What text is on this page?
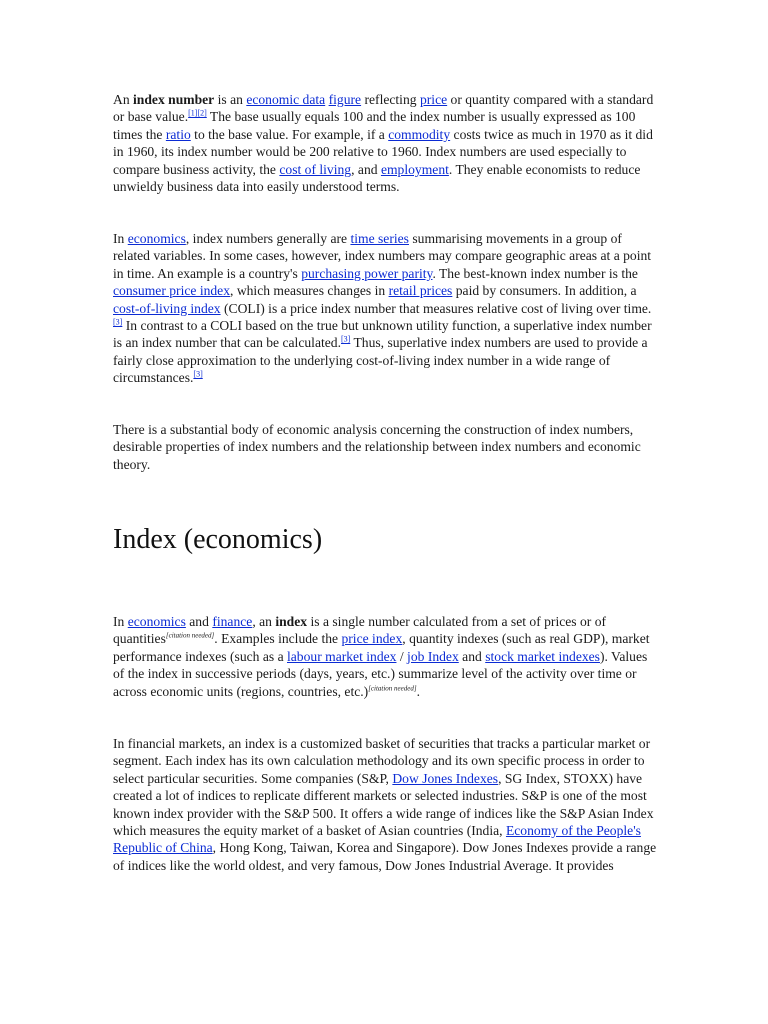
An index number is an economic data figure reflecting price or quantity compared with a standard or base value.[1][2] The base usually equals 100 and the index number is usually expressed as 100 times the ratio to the base value. For example, if a commodity costs twice as much in 1970 as it did in 1960, its index number would be 200 relative to 1960. Index numbers are used especially to compare business activity, the cost of living, and employment. They enable economists to reduce unwieldy business data into easily understood terms.

In economics, index numbers generally are time series summarising movements in a group of related variables. In some cases, however, index numbers may compare geographic areas at a point in time. An example is a country's purchasing power parity. The best-known index number is the consumer price index, which measures changes in retail prices paid by consumers. In addition, a cost-of-living index (COLI) is a price index number that measures relative cost of living over time.[3] In contrast to a COLI based on the true but unknown utility function, a superlative index number is an index number that can be calculated.[3] Thus, superlative index numbers are used to provide a fairly close approximation to the underlying cost-of-living index number in a wide range of circumstances.[3]

There is a substantial body of economic analysis concerning the construction of index numbers, desirable properties of index numbers and the relationship between index numbers and economic theory.

Index (economics)

In economics and finance, an index is a single number calculated from a set of prices or of quantities[citation needed]. Examples include the price index, quantity indexes (such as real GDP), market performance indexes (such as a labour market index / job Index and stock market indexes). Values of the index in successive periods (days, years, etc.) summarize level of the activity over time or across economic units (regions, countries, etc.)[citation needed].

In financial markets, an index is a customized basket of securities that tracks a particular market or segment. Each index has its own calculation methodology and its own specific process in order to select particular securities. Some companies (S&P, Dow Jones Indexes, SG Index, STOXX) have created a lot of indices to replicate different markets or selected industries. S&P is one of the most known index provider with the S&P 500. It offers a wide range of indices like the S&P Asian Index which measures the equity market of a basket of Asian countries (India, Economy of the People's Republic of China, Hong Kong, Taiwan, Korea and Singapore). Dow Jones Indexes provide a range of indices like the world oldest, and very famous, Dow Jones Industrial Average. It provides
